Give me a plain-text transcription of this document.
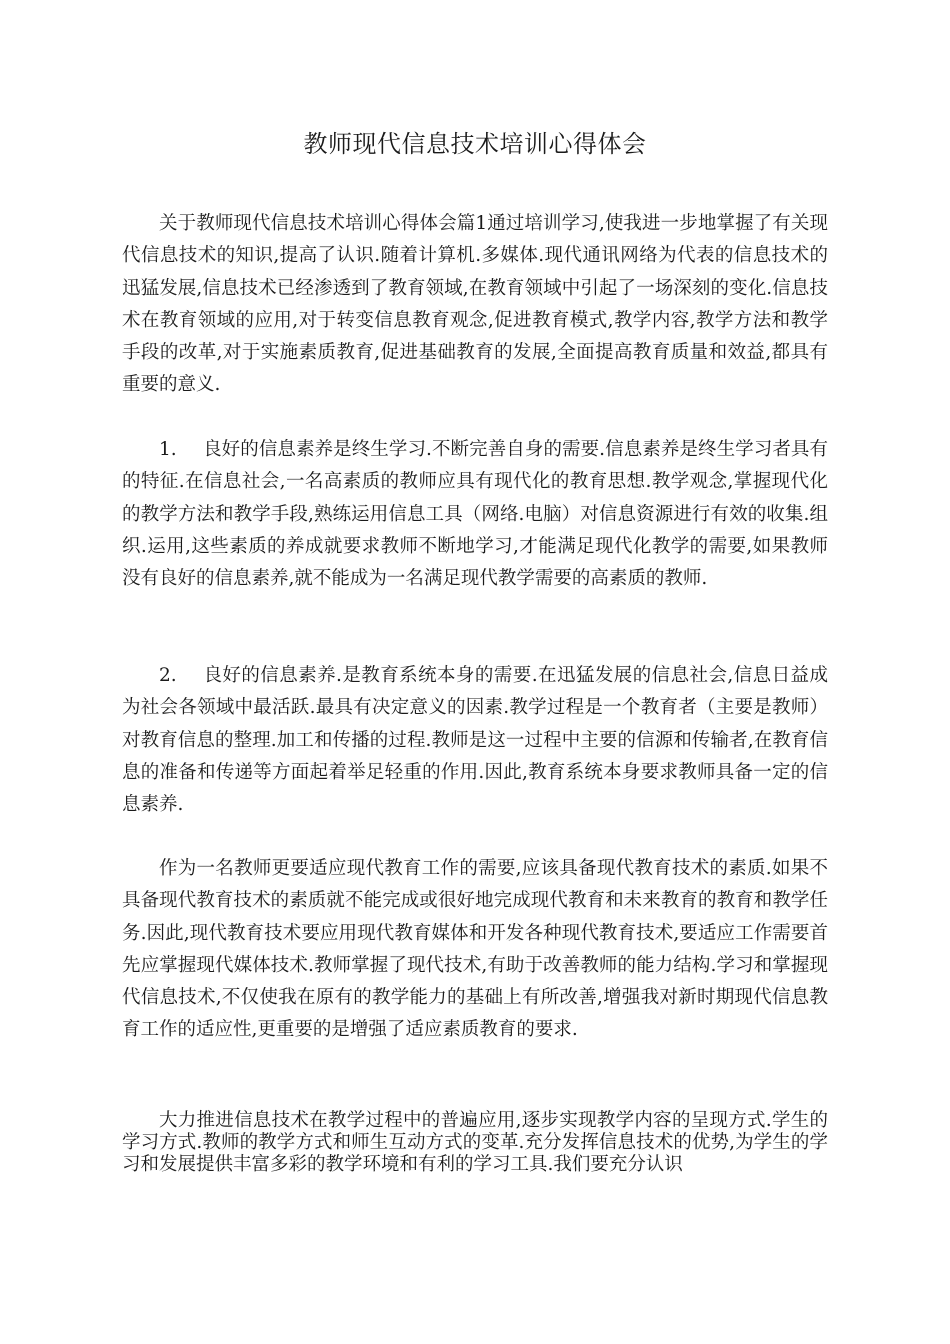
教师现代信息技术培训心得体会

关于教师现代信息技术培训心得体会篇1通过培训学习,使我进一步地掌握了有关现代信息技术的知识,提高了认识.随着计算机.多媒体.现代通讯网络为代表的信息技术的迅猛发展,信息技术已经渗透到了教育领域,在教育领域中引起了一场深刻的变化.信息技术在教育领域的应用,对于转变信息教育观念,促进教育模式,教学内容,教学方法和教学手段的改革,对于实施素质教育,促进基础教育的发展,全面提高教育质量和效益,都具有重要的意义.

1. 良好的信息素养是终生学习.不断完善自身的需要.信息素养是终生学习者具有的特征.在信息社会,一名高素质的教师应具有现代化的教育思想.教学观念,掌握现代化的教学方法和教学手段,熟练运用信息工具（网络.电脑）对信息资源进行有效的收集.组织.运用,这些素质的养成就要求教师不断地学习,才能满足现代化教学的需要,如果教师没有良好的信息素养,就不能成为一名满足现代教学需要的高素质的教师.

2. 良好的信息素养.是教育系统本身的需要.在迅猛发展的信息社会,信息日益成为社会各领域中最活跃.最具有决定意义的因素.教学过程是一个教育者（主要是教师）对教育信息的整理.加工和传播的过程.教师是这一过程中主要的信源和传输者,在教育信息的准备和传递等方面起着举足轻重的作用.因此,教育系统本身要求教师具备一定的信息素养.

作为一名教师更要适应现代教育工作的需要,应该具备现代教育技术的素质.如果不具备现代教育技术的素质就不能完成或很好地完成现代教育和未来教育的教育和教学任务.因此,现代教育技术要应用现代教育媒体和开发各种现代教育技术,要适应工作需要首先应掌握现代媒体技术.教师掌握了现代技术,有助于改善教师的能力结构.学习和掌握现代信息技术,不仅使我在原有的教学能力的基础上有所改善,增强我对新时期现代信息教育工作的适应性,更重要的是增强了适应素质教育的要求.

大力推进信息技术在教学过程中的普遍应用,逐步实现教学内容的呈现方式.学生的学习方式.教师的教学方式和师生互动方式的变革.充分发挥信息技术的优势,为学生的学习和发展提供丰富多彩的教学环境和有利的学习工具.我们要充分认识
